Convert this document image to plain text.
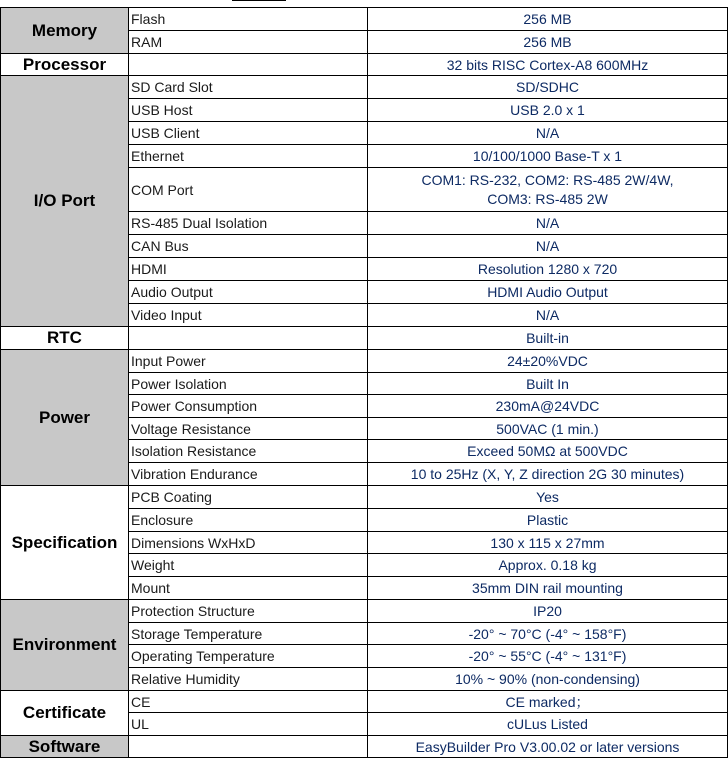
Memory	Flash	256 MB
	RAM	256 MB
Processor		32 bits RISC Cortex-A8 600MHz
I/O Port	SD Card Slot	SD/SDHC
	USB Host	USB 2.0 x 1
	USB Client	N/A
	Ethernet	10/100/1000 Base-T x 1
	COM Port	COM1: RS-232, COM2: RS-485 2W/4W,
COM3: RS-485 2W

	RS-485 Dual Isolation	N/A
	CAN Bus	N/A
	HDMI	Resolution 1280 x 720
	Audio Output	HDMI Audio Output
	Video Input	N/A
RTC		Built-in
Power	Input Power	24±20%VDC
	Power Isolation	Built In
	Power Consumption	230mA@24VDC
	Voltage Resistance	500VAC (1 min.)
	Isolation Resistance	Exceed 50MΩ at 500VDC
	Vibration Endurance	10 to 25Hz (X, Y, Z direction 2G 30 minutes)
Specification	PCB Coating	Yes
	Enclosure	Plastic
	Dimensions WxHxD	130 x 115 x 27mm
	Weight	Approx. 0.18 kg
	Mount	35mm DIN rail mounting
Environment	Protection Structure	IP20
	Storage Temperature	-20° ~ 70°C (-4° ~ 158°F)
	Operating Temperature	-20° ~ 55°C (-4° ~ 131°F)
	Relative Humidity	10% ~ 90% (non-condensing)
Certificate	CE	CE marked；
	UL	cULus Listed
Software		EasyBuilder Pro V3.00.02 or later versions
